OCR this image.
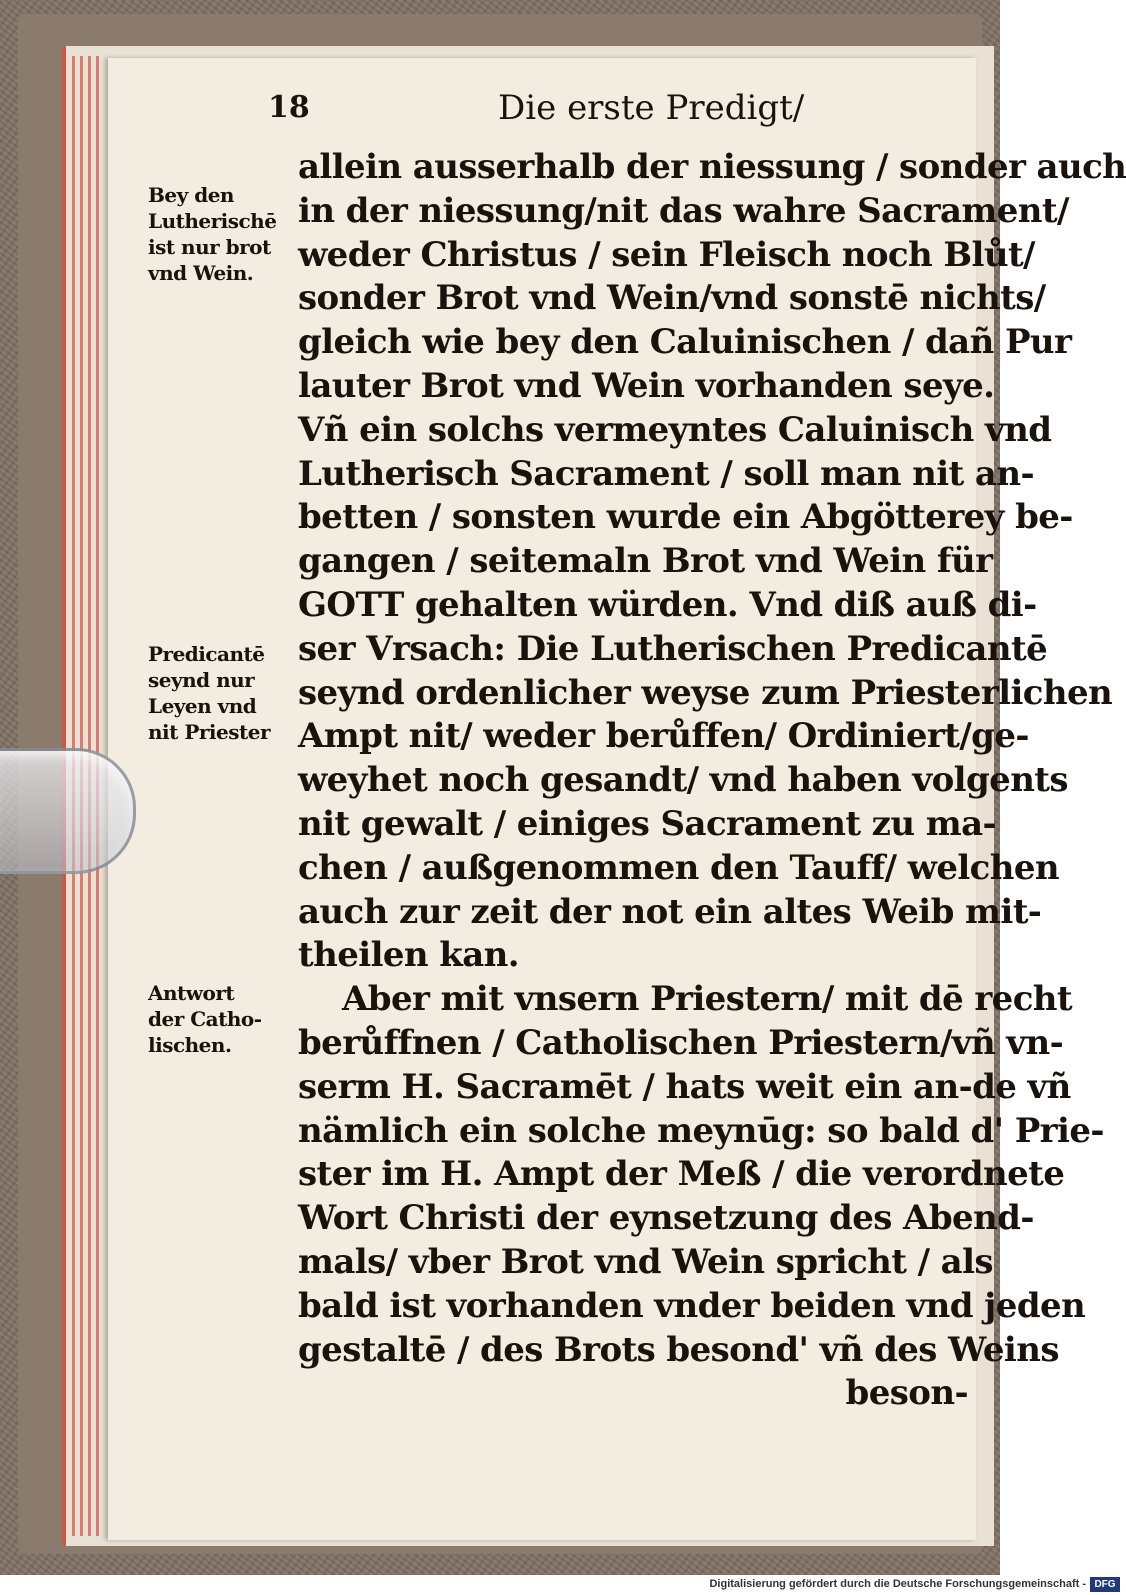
18	Die erste Predigt/
Bey den
Lutherischē
ist nur brot
vnd Wein.
Predicantē
seynd nur
Leyen vnd
nit Priester
Antwort
der Catho-
lischen.
allein ausserhalb der niessung / sonder auch
in der niessung/nit das wahre Sacrament/
weder Christus / sein Fleisch noch Blůt/
sonder Brot vnd Wein/vnd sonstē nichts/
gleich wie bey den Caluinischen / dañ Pur
lauter Brot vnd Wein vorhanden seye.
Vñ ein solchs vermeyntes Caluinisch vnd
Lutherisch Sacrament / soll man nit an-
betten / sonsten wurde ein Abgötterey be-
gangen / seitemaln Brot vnd Wein für
GOTT gehalten würden. Vnd diß auß di-
ser Vrsach: Die Lutherischen Predicantē
seynd ordenlicher weyse zum Priesterlichen
Ampt nit/ weder berůffen/ Ordiniert/ge-
weyhet noch gesandt/ vnd haben volgents
nit gewalt / einiges Sacrament zu ma-
chen / außgenommen den Tauff/ welchen
auch zur zeit der not ein altes Weib mit-
theilen kan.
Aber mit vnsern Priestern/ mit dē recht
berůffnen / Catholischen Priestern/vñ vn-
serm H. Sacramēt / hats weit ein an-de vñ
nämlich ein solche meynūg: so bald d' Prie-
ster im H. Ampt der Meß / die verordnete
Wort Christi der eynsetzung des Abend-
mals/ vber Brot vnd Wein spricht / als
bald ist vorhanden vnder beiden vnd jeden
gestaltē / des Brots besond' vñ des Weins
beson-
Digitalisierung gefördert durch die Deutsche Forschungsgemeinschaft - DFG
